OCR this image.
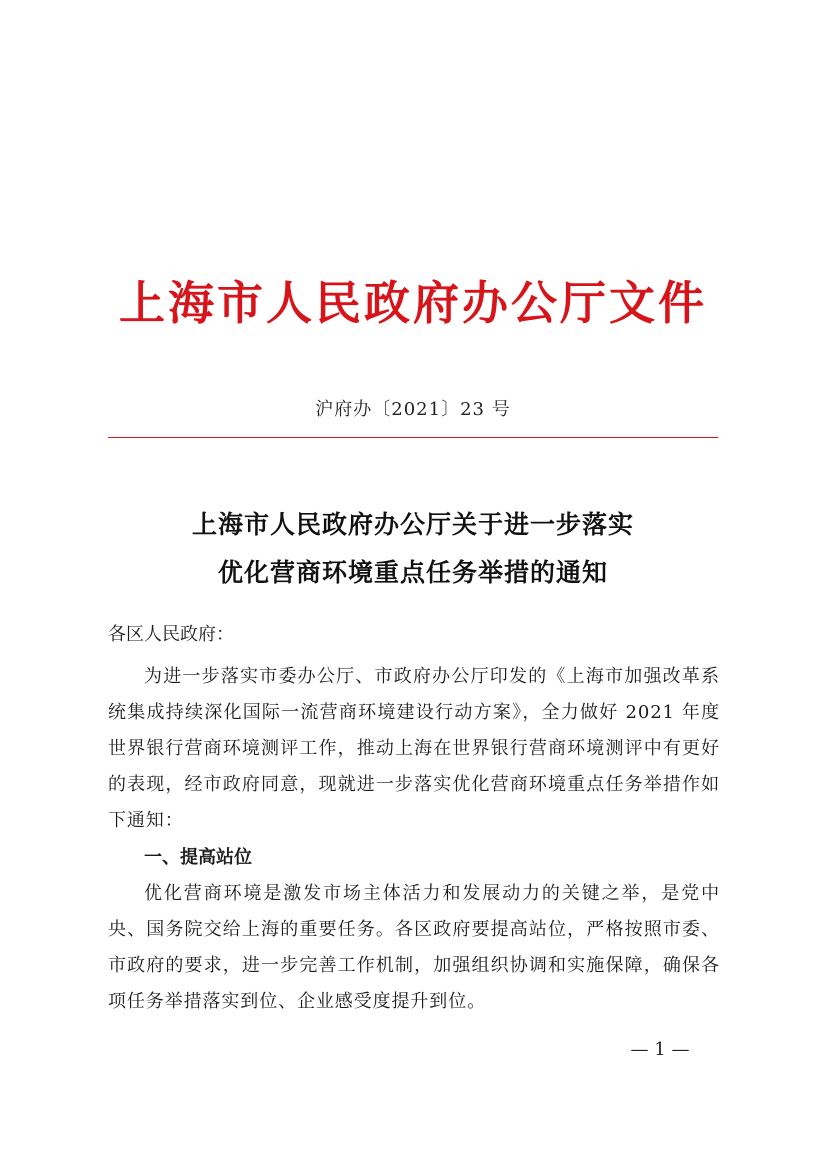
上海市人民政府办公厅文件
沪府办〔2021〕23 号
上海市人民政府办公厅关于进一步落实
优化营商环境重点任务举措的通知
各区人民政府：
为进一步落实市委办公厅、市政府办公厅印发的《上海市加强改革系统集成持续深化国际一流营商环境建设行动方案》，全力做好 2021 年度世界银行营商环境测评工作，推动上海在世界银行营商环境测评中有更好的表现，经市政府同意，现就进一步落实优化营商环境重点任务举措作如下通知：
一、提高站位
优化营商环境是激发市场主体活力和发展动力的关键之举，是党中央、国务院交给上海的重要任务。各区政府要提高站位，严格按照市委、市政府的要求，进一步完善工作机制，加强组织协调和实施保障，确保各项任务举措落实到位、企业感受度提升到位。
— 1 —
